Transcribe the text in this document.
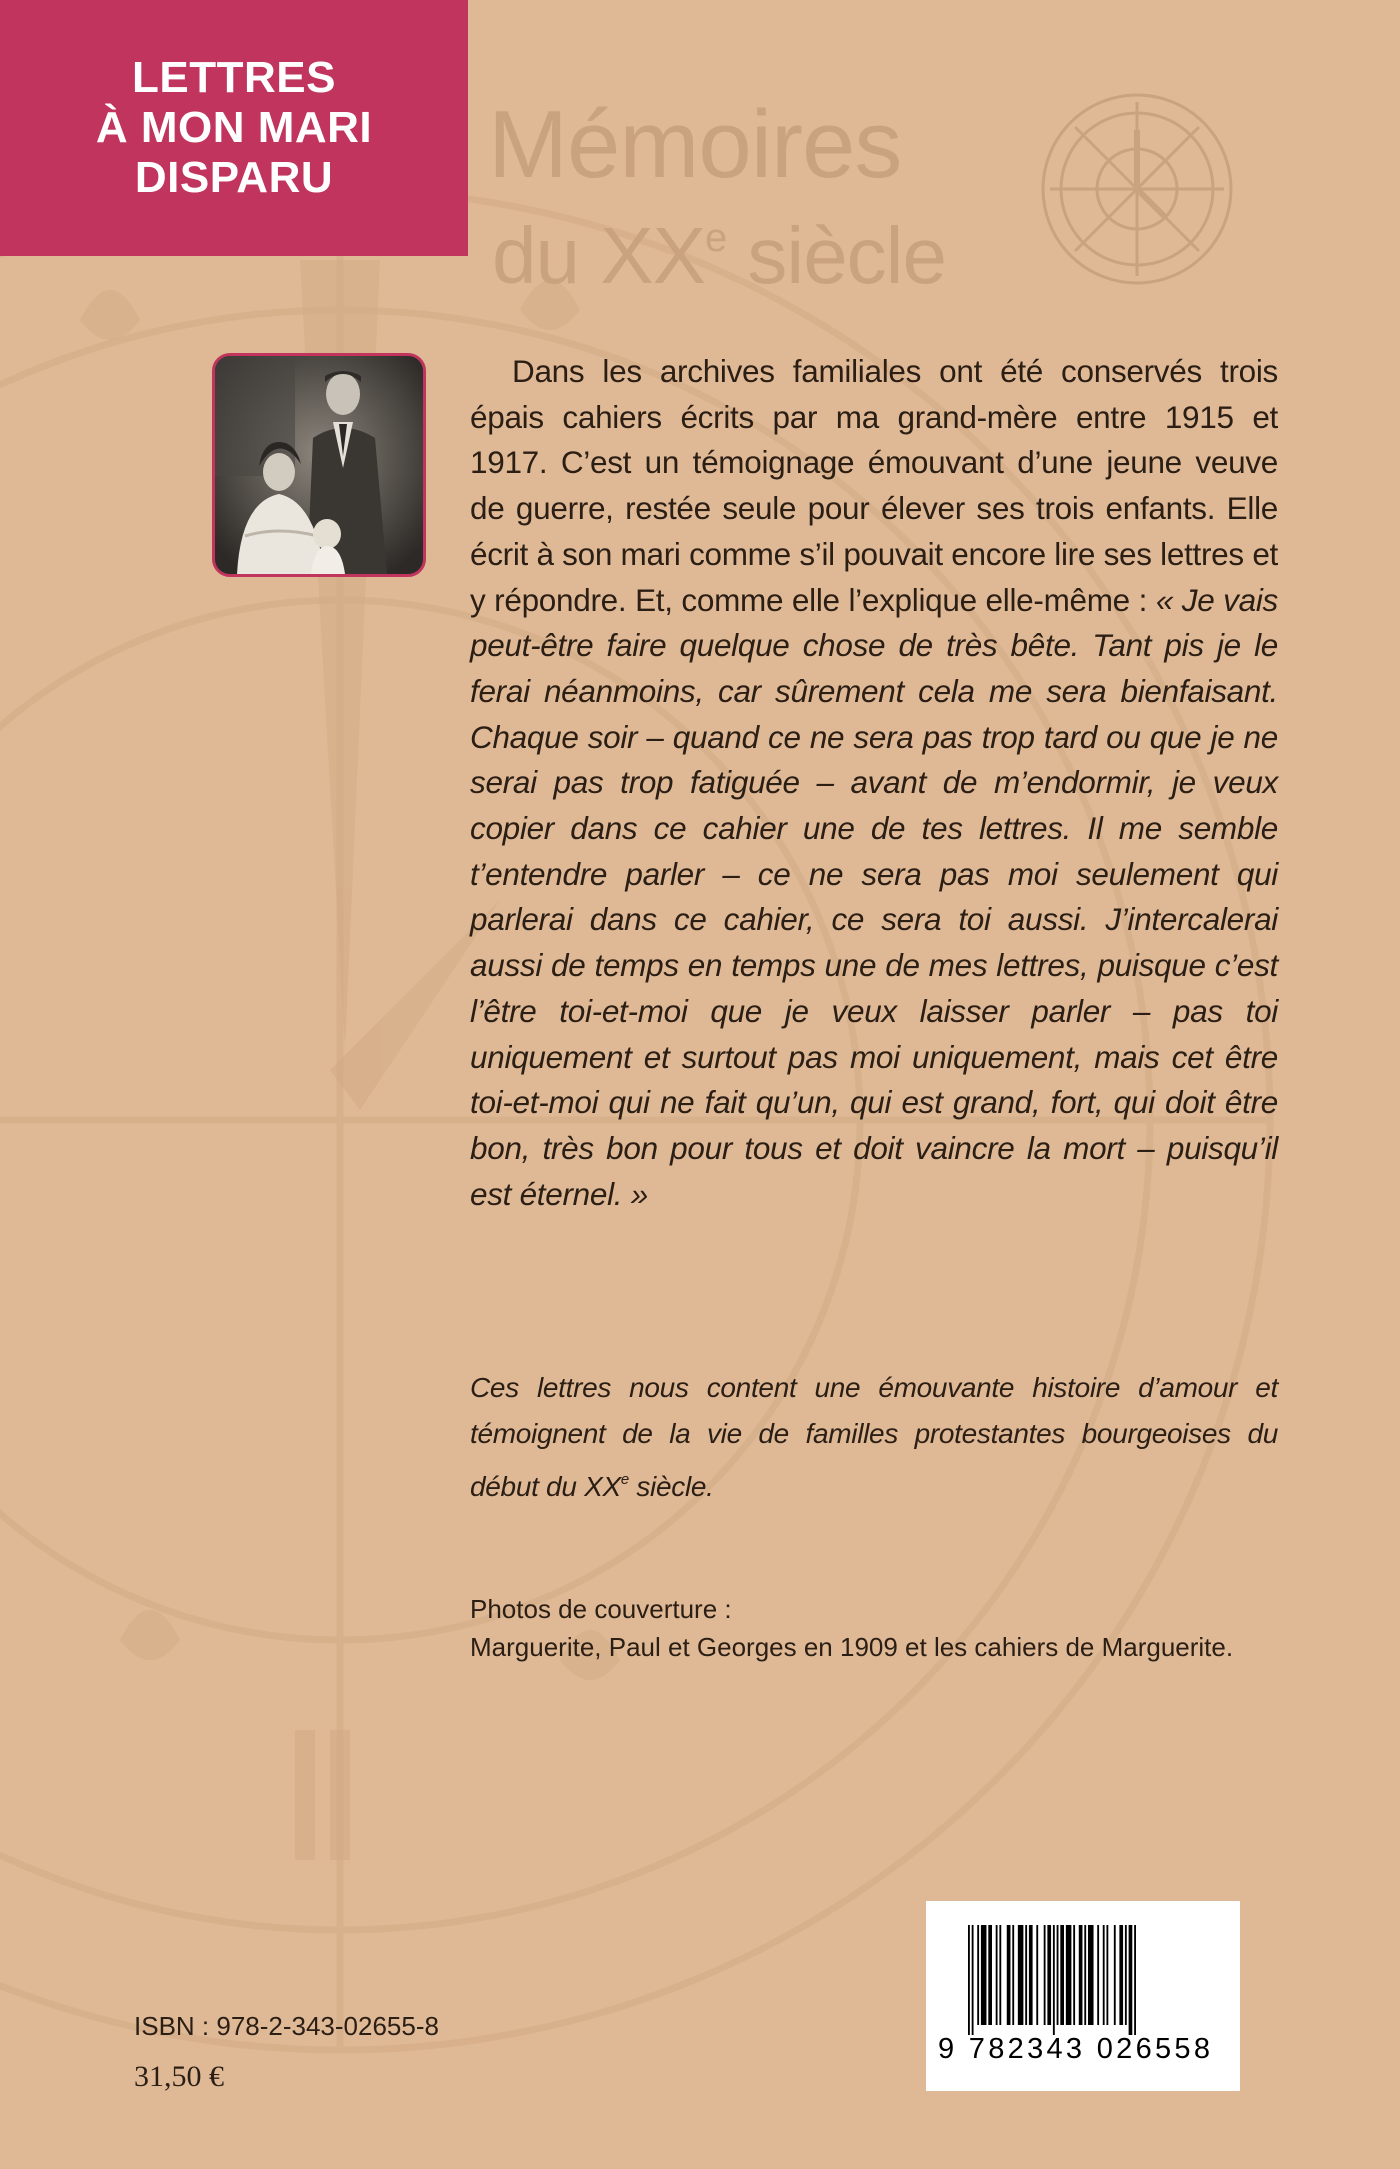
LETTRES
À MON MARI
DISPARU Mémoires
du XXe siècle
Dans les archives familiales ont été conservés trois épais cahiers écrits par ma grand-mère entre 1915 et 1917. C’est un témoignage émouvant d’une jeune veuve de guerre, restée seule pour élever ses trois enfants. Elle écrit à son mari comme s’il pouvait encore lire ses lettres et y répondre. Et, comme elle l’explique elle-même : « Je vais peut-être faire quelque chose de très bête. Tant pis je le ferai néanmoins, car sûrement cela me sera bienfaisant. Chaque soir – quand ce ne sera pas trop tard ou que je ne serai pas trop fatiguée – avant de m’endormir, je veux copier dans ce cahier une de tes lettres. Il me semble t’entendre parler – ce ne sera pas moi seulement qui parlerai dans ce cahier, ce sera toi aussi. J’intercalerai aussi de temps en temps une de mes lettres, puisque c’est l’être toi-et-moi que je veux laisser parler – pas toi uniquement et surtout pas moi uniquement, mais cet être toi-et-moi qui ne fait qu’un, qui est grand, fort, qui doit être bon, très bon pour tous et doit vaincre la mort – puisqu’il est éternel. »
Ces lettres nous content une émouvante histoire d’amour et témoignent de la vie de familles protestantes bourgeoises du début du XXe siècle.
Photos de couverture :
Marguerite, Paul et Georges en 1909 et les cahiers de Marguerite.
ISBN : 978-2-343-02655-8
31,50 €
9 782343 026558
